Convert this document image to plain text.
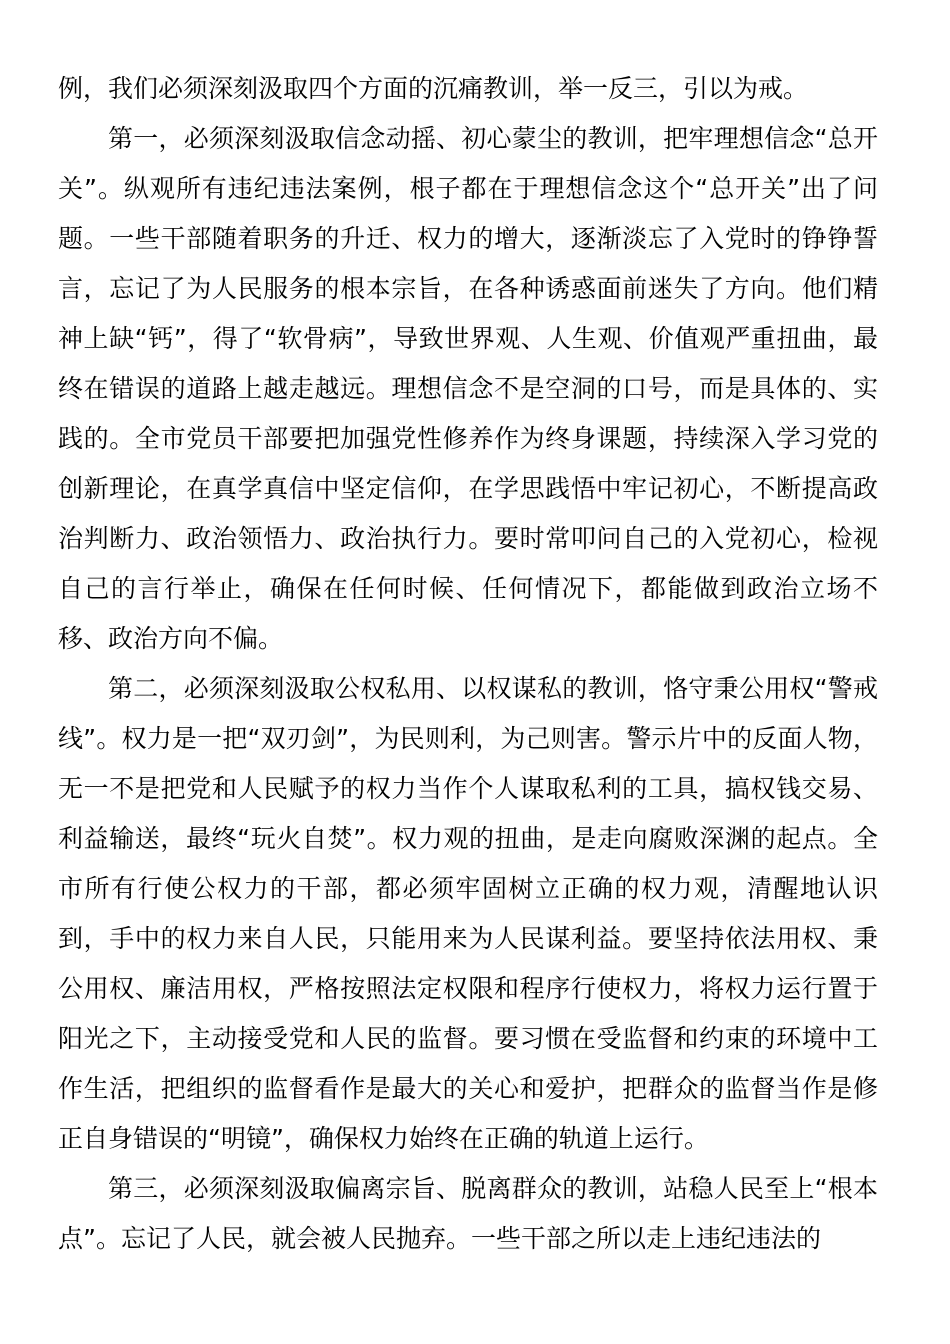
例，我们必须深刻汲取四个方面的沉痛教训，举一反三，引以为戒。

第一，必须深刻汲取信念动摇、初心蒙尘的教训，把牢理想信念“总开关”。纵观所有违纪违法案例，根子都在于理想信念这个“总开关”出了问题。一些干部随着职务的升迁、权力的增大，逐渐淡忘了入党时的铮铮誓言，忘记了为人民服务的根本宗旨，在各种诱惑面前迷失了方向。他们精神上缺“钙”，得了“软骨病”，导致世界观、人生观、价值观严重扭曲，最终在错误的道路上越走越远。理想信念不是空洞的口号，而是具体的、实践的。全市党员干部要把加强党性修养作为终身课题，持续深入学习党的创新理论，在真学真信中坚定信仰，在学思践悟中牢记初心，不断提高政治判断力、政治领悟力、政治执行力。要时常叩问自己的入党初心，检视自己的言行举止，确保在任何时候、任何情况下，都能做到政治立场不移、政治方向不偏。

第二，必须深刻汲取公权私用、以权谋私的教训，恪守秉公用权“警戒线”。权力是一把“双刃剑”，为民则利，为己则害。警示片中的反面人物，无一不是把党和人民赋予的权力当作个人谋取私利的工具，搞权钱交易、利益输送，最终“玩火自焚”。权力观的扭曲，是走向腐败深渊的起点。全市所有行使公权力的干部，都必须牢固树立正确的权力观，清醒地认识到，手中的权力来自人民，只能用来为人民谋利益。要坚持依法用权、秉公用权、廉洁用权，严格按照法定权限和程序行使权力，将权力运行置于阳光之下，主动接受党和人民的监督。要习惯在受监督和约束的环境中工作生活，把组织的监督看作是最大的关心和爱护，把群众的监督当作是修正自身错误的“明镜”，确保权力始终在正确的轨道上运行。

第三，必须深刻汲取偏离宗旨、脱离群众的教训，站稳人民至上“根本点”。忘记了人民，就会被人民抛弃。一些干部之所以走上违纪违法的
